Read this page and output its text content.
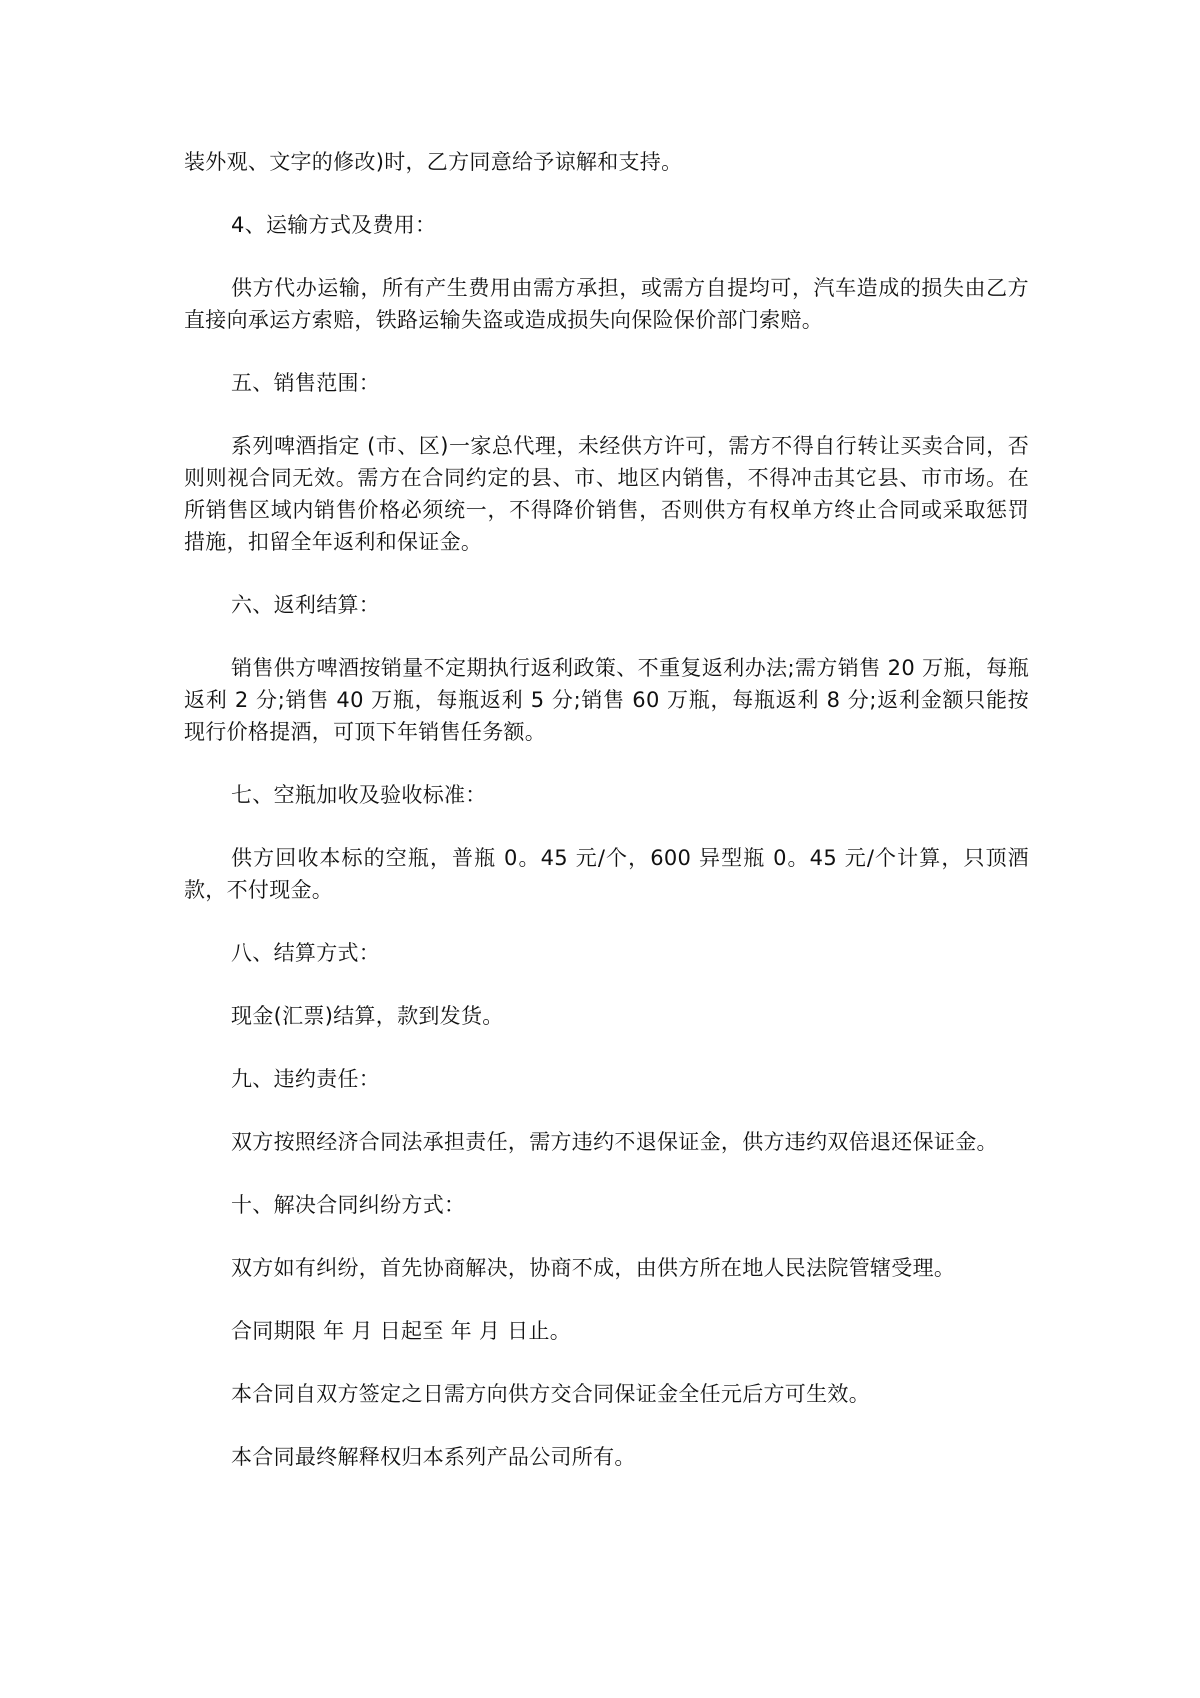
装外观、文字的修改)时，乙方同意给予谅解和支持。

4、运输方式及费用：

供方代办运输，所有产生费用由需方承担，或需方自提均可，汽车造成的损失由乙方直接向承运方索赔，铁路运输失盗或造成损失向保险保价部门索赔。

五、销售范围：

系列啤酒指定 (市、区)一家总代理，未经供方许可，需方不得自行转让买卖合同，否则则视合同无效。需方在合同约定的县、市、地区内销售，不得冲击其它县、市市场。在所销售区域内销售价格必须统一，不得降价销售，否则供方有权单方终止合同或采取惩罚措施，扣留全年返利和保证金。

六、返利结算：

销售供方啤酒按销量不定期执行返利政策、不重复返利办法;需方销售 20 万瓶，每瓶返利 2 分;销售 40 万瓶，每瓶返利 5 分;销售 60 万瓶，每瓶返利 8 分;返利金额只能按现行价格提酒，可顶下年销售任务额。

七、空瓶加收及验收标准：

供方回收本标的空瓶，普瓶 0。45 元/个，600 异型瓶 0。45 元/个计算，只顶酒款，不付现金。

八、结算方式：

现金(汇票)结算，款到发货。

九、违约责任：

双方按照经济合同法承担责任，需方违约不退保证金，供方违约双倍退还保证金。

十、解决合同纠纷方式：

双方如有纠纷，首先协商解决，协商不成，由供方所在地人民法院管辖受理。

合同期限 年 月 日起至 年 月 日止。

本合同自双方签定之日需方向供方交合同保证金全任元后方可生效。

本合同最终解释权归本系列产品公司所有。
